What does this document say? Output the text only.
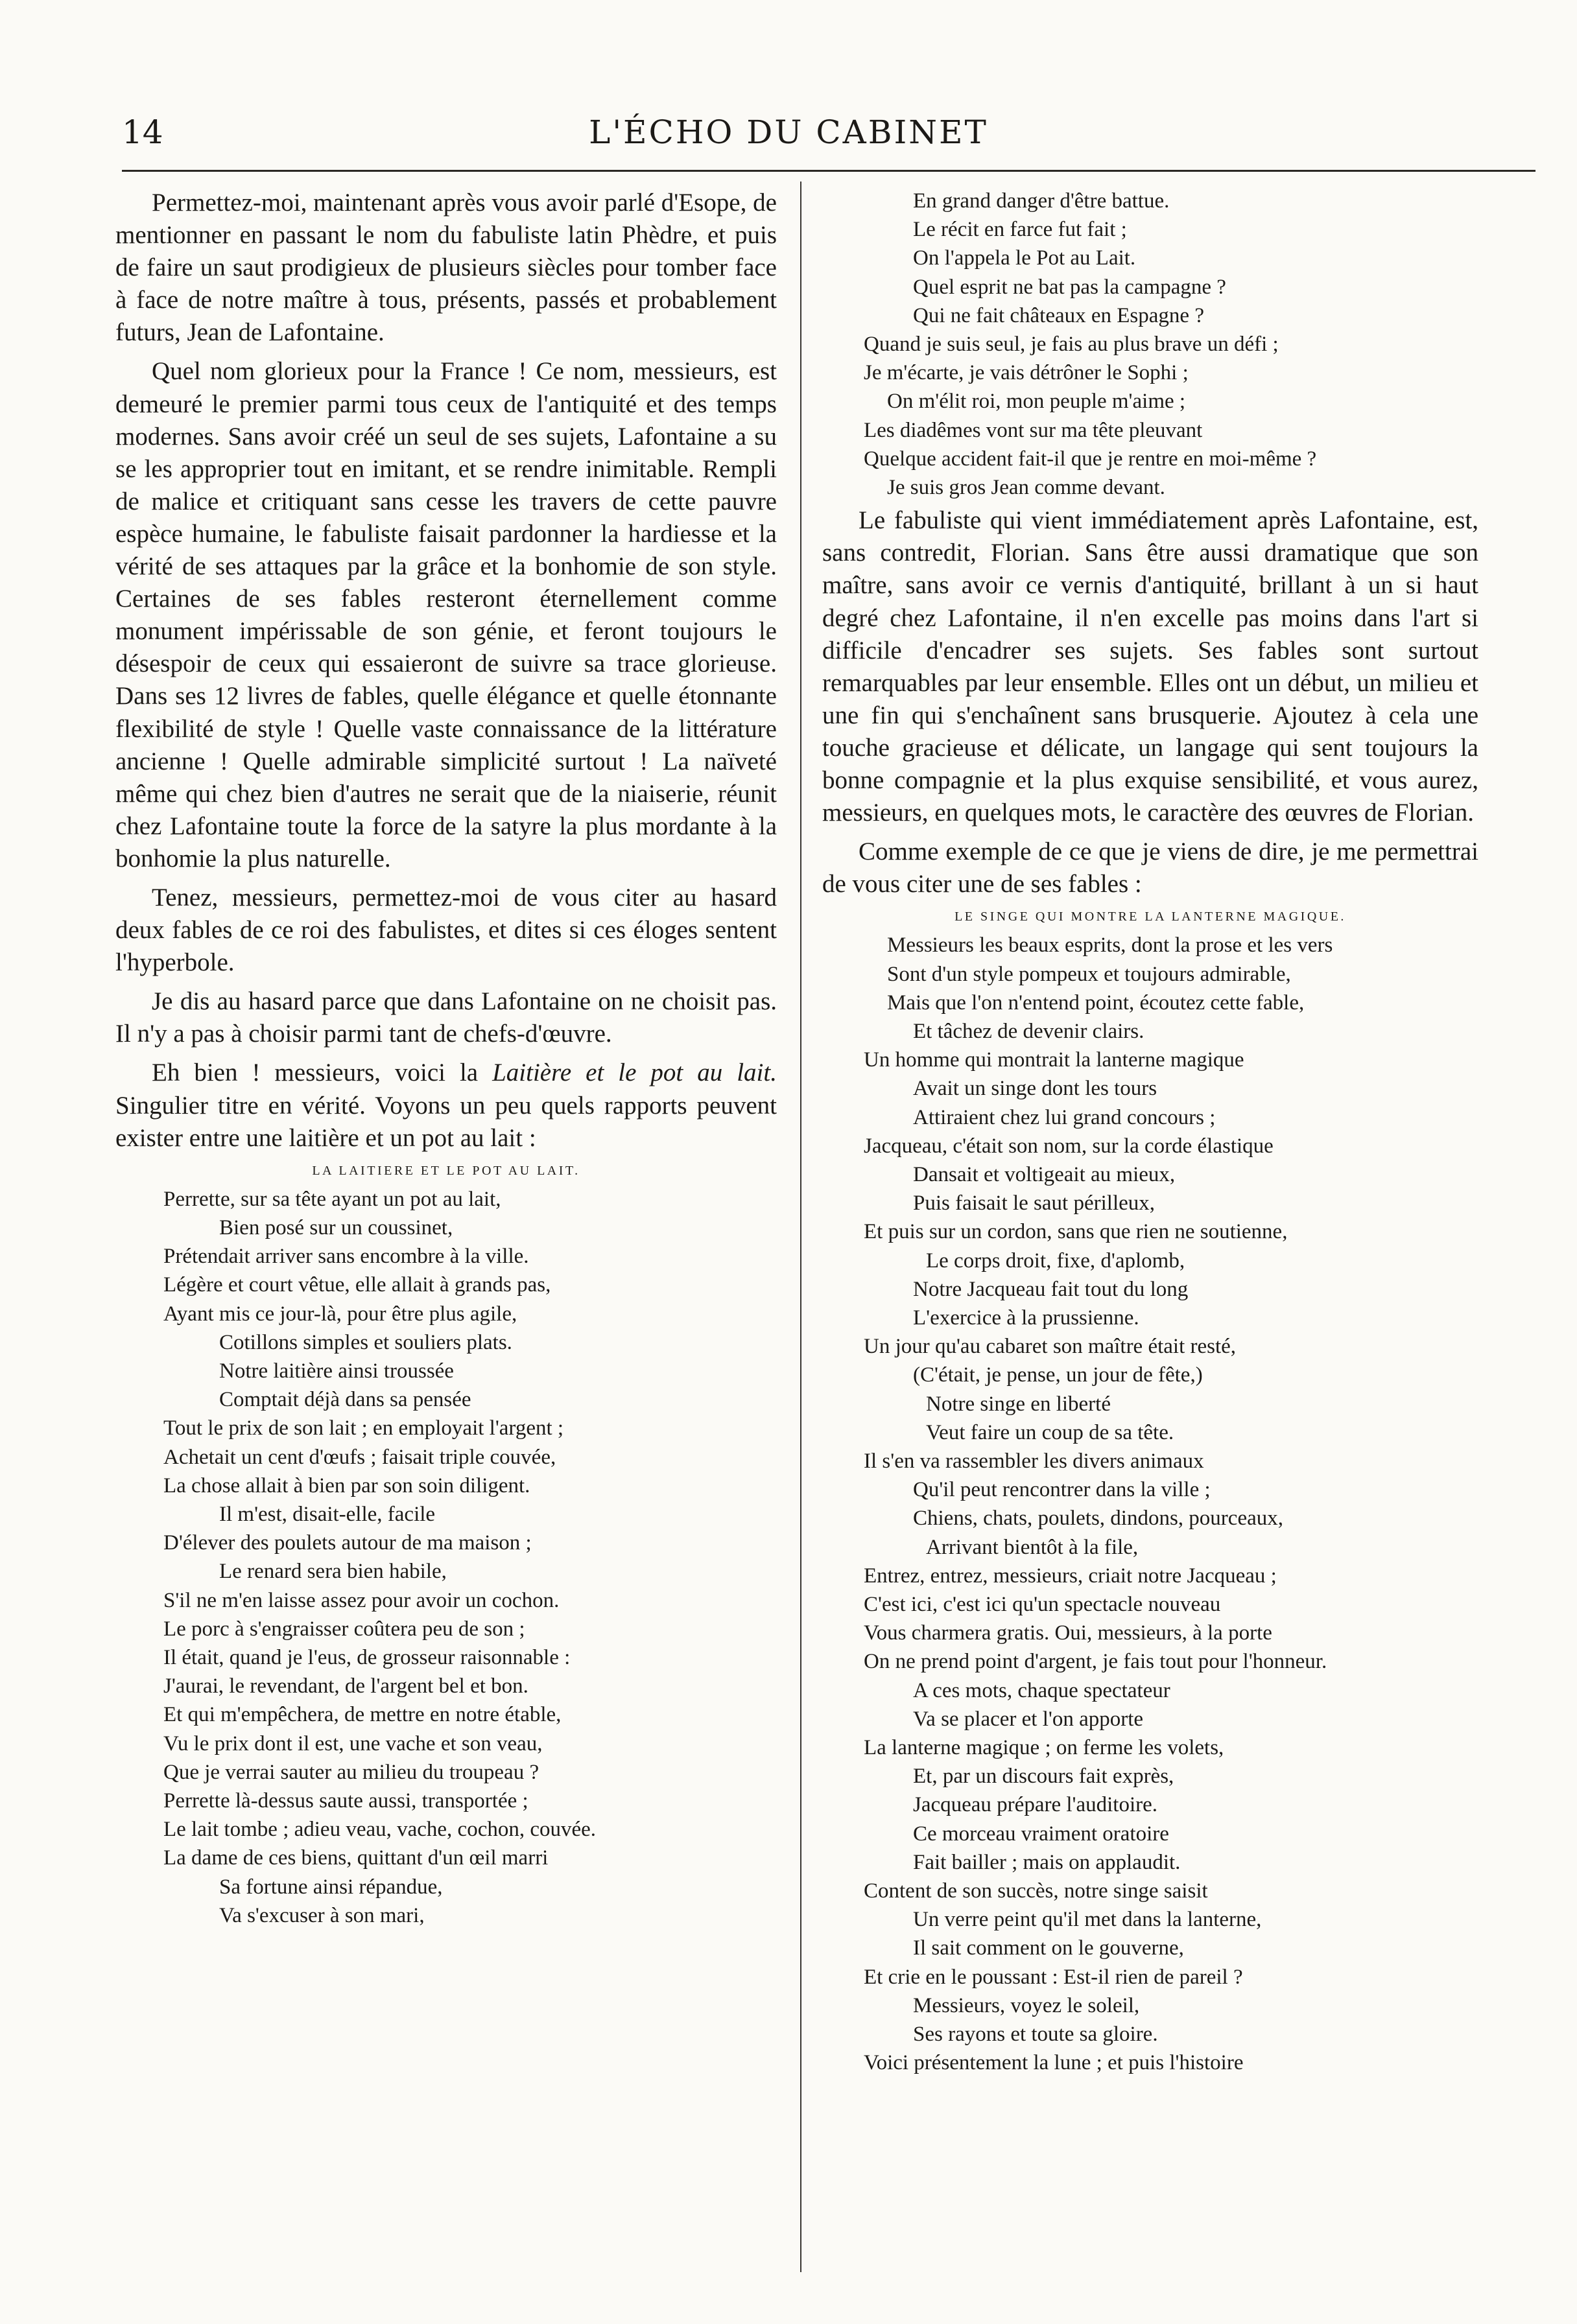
14	L'ÉCHO DU CABINET

Permettez-moi, maintenant après vous avoir parlé d'Esope, de mentionner en passant le nom du fabuliste latin Phèdre, et puis de faire un saut prodigieux de plusieurs siècles pour tomber face à face de notre maître à tous, présents, passés et probablement futurs, Jean de Lafontaine.

Quel nom glorieux pour la France ! Ce nom, messieurs, est demeuré le premier parmi tous ceux de l'antiquité et des temps modernes. Sans avoir créé un seul de ses sujets, Lafontaine a su se les approprier tout en imitant, et se rendre inimitable. Rempli de malice et critiquant sans cesse les travers de cette pauvre espèce humaine, le fabuliste faisait pardonner la hardiesse et la vérité de ses attaques par la grâce et la bonhomie de son style. Certaines de ses fables resteront éternellement comme monument impérissable de son génie, et feront toujours le désespoir de ceux qui essaieront de suivre sa trace glorieuse. Dans ses 12 livres de fables, quelle élégance et quelle étonnante flexibilité de style ! Quelle vaste connaissance de la littérature ancienne ! Quelle admirable simplicité surtout ! La naïveté même qui chez bien d'autres ne serait que de la niaiserie, réunit chez Lafontaine toute la force de la satyre la plus mordante à la bonhomie la plus naturelle.

Tenez, messieurs, permettez-moi de vous citer au hasard deux fables de ce roi des fabulistes, et dites si ces éloges sentent l'hyperbole.

Je dis au hasard parce que dans Lafontaine on ne choisit pas. Il n'y a pas à choisir parmi tant de chefs-d'œuvre.

Eh bien ! messieurs, voici la Laitière et le pot au lait. Singulier titre en vérité. Voyons un peu quels rapports peuvent exister entre une laitière et un pot au lait :

LA LAITIERE ET LE POT AU LAIT.
Perrette, sur sa tête ayant un pot au lait,
Bien posé sur un coussinet,
Prétendait arriver sans encombre à la ville.
Légère et court vêtue, elle allait à grands pas,
Ayant mis ce jour-là, pour être plus agile,
Cotillons simples et souliers plats.
Notre laitière ainsi troussée
Comptait déjà dans sa pensée
Tout le prix de son lait ; en employait l'argent ;
Achetait un cent d'œufs ; faisait triple couvée,
La chose allait à bien par son soin diligent.
Il m'est, disait-elle, facile
D'élever des poulets autour de ma maison ;
Le renard sera bien habile,
S'il ne m'en laisse assez pour avoir un cochon.
Le porc à s'engraisser coûtera peu de son ;
Il était, quand je l'eus, de grosseur raisonnable :
J'aurai, le revendant, de l'argent bel et bon.
Et qui m'empêchera, de mettre en notre étable,
Vu le prix dont il est, une vache et son veau,
Que je verrai sauter au milieu du troupeau ?
Perrette là-dessus saute aussi, transportée ;
Le lait tombe ; adieu veau, vache, cochon, couvée.
La dame de ces biens, quittant d'un œil marri
Sa fortune ainsi répandue,
Va s'excuser à son mari,
En grand danger d'être battue.
Le récit en farce fut fait ;
On l'appela le Pot au Lait.
Quel esprit ne bat pas la campagne ?
Qui ne fait châteaux en Espagne ?
Quand je suis seul, je fais au plus brave un défi ;
Je m'écarte, je vais détrôner le Sophi ;
On m'élit roi, mon peuple m'aime ;
Les diadêmes vont sur ma tête pleuvant
Quelque accident fait-il que je rentre en moi-même ?
Je suis gros Jean comme devant.

Le fabuliste qui vient immédiatement après Lafontaine, est, sans contredit, Florian. Sans être aussi dramatique que son maître, sans avoir ce vernis d'antiquité, brillant à un si haut degré chez Lafontaine, il n'en excelle pas moins dans l'art si difficile d'encadrer ses sujets. Ses fables sont surtout remarquables par leur ensemble. Elles ont un début, un milieu et une fin qui s'enchaînent sans brusquerie. Ajoutez à cela une touche gracieuse et délicate, un langage qui sent toujours la bonne compagnie et la plus exquise sensibilité, et vous aurez, messieurs, en quelques mots, le caractère des œuvres de Florian.

Comme exemple de ce que je viens de dire, je me permettrai de vous citer une de ses fables :

LE SINGE QUI MONTRE LA LANTERNE MAGIQUE.
Messieurs les beaux esprits, dont la prose et les vers
Sont d'un style pompeux et toujours admirable,
Mais que l'on n'entend point, écoutez cette fable,
Et tâchez de devenir clairs.
Un homme qui montrait la lanterne magique
Avait un singe dont les tours
Attiraient chez lui grand concours ;
Jacqueau, c'était son nom, sur la corde élastique
Dansait et voltigeait au mieux,
Puis faisait le saut périlleux,
Et puis sur un cordon, sans que rien ne soutienne,
Le corps droit, fixe, d'aplomb,
Notre Jacqueau fait tout du long
L'exercice à la prussienne.
Un jour qu'au cabaret son maître était resté,
(C'était, je pense, un jour de fête,)
Notre singe en liberté
Veut faire un coup de sa tête.
Il s'en va rassembler les divers animaux
Qu'il peut rencontrer dans la ville ;
Chiens, chats, poulets, dindons, pourceaux,
Arrivant bientôt à la file,
Entrez, entrez, messieurs, criait notre Jacqueau ;
C'est ici, c'est ici qu'un spectacle nouveau
Vous charmera gratis. Oui, messieurs, à la porte
On ne prend point d'argent, je fais tout pour l'honneur.
A ces mots, chaque spectateur
Va se placer et l'on apporte
La lanterne magique ; on ferme les volets,
Et, par un discours fait exprès,
Jacqueau prépare l'auditoire.
Ce morceau vraiment oratoire
Fait bailler ; mais on applaudit.
Content de son succès, notre singe saisit
Un verre peint qu'il met dans la lanterne,
Il sait comment on le gouverne,
Et crie en le poussant : Est-il rien de pareil ?
Messieurs, voyez le soleil,
Ses rayons et toute sa gloire.
Voici présentement la lune ; et puis l'histoire
